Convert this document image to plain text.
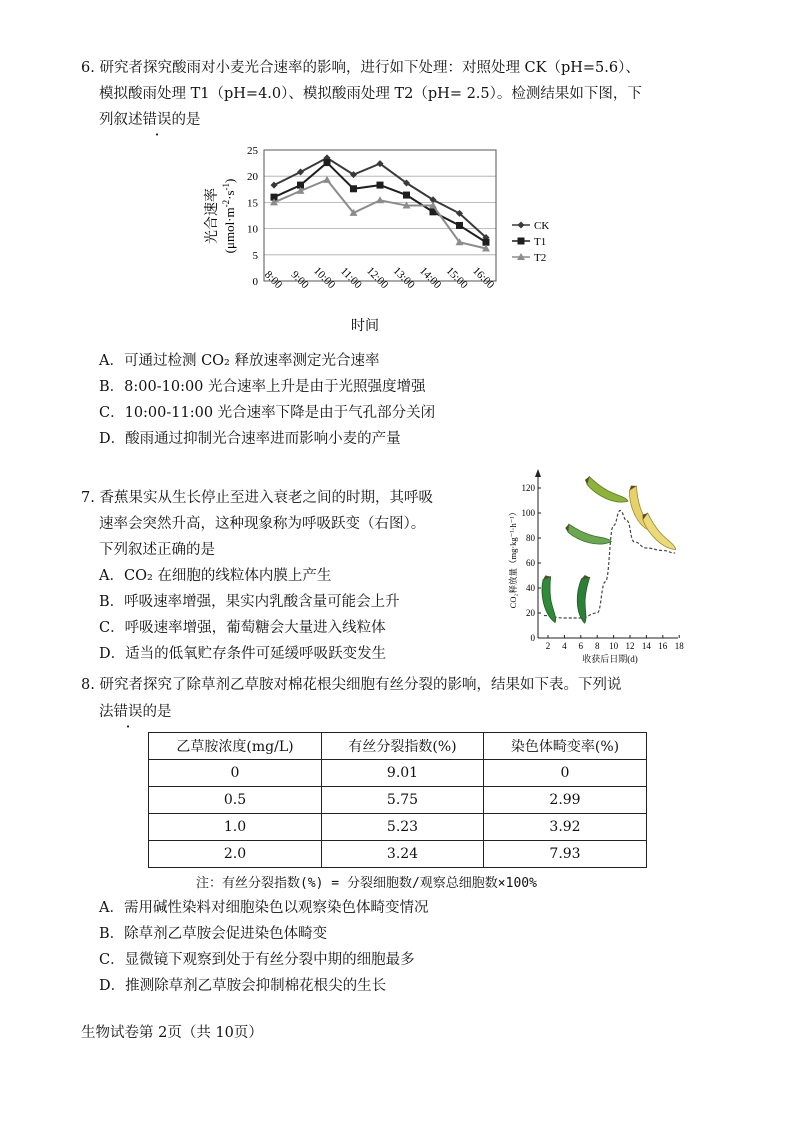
6. 研究者探究酸雨对小麦光合速率的影响，进行如下处理：对照处理 CK（pH=5.6）、
模拟酸雨处理 T1（pH=4.0）、模拟酸雨处理 T2（pH= 2.5）。检测结果如下图，下
列叙述错误的是
0
5
10
15
20
25
8:00 9:00 10:00 11:00 12:00 13:00 14:00 15:00 16:00
CK
T1
T2
时间
光合速率 $(\mu mol\cdot m^{-2}\cdot s^{-1})$
A．可通过检测 CO₂ 释放速率测定光合速率
B．8:00-10:00 光合速率上升是由于光照强度增强
C．10:00-11:00 光合速率下降是由于气孔部分关闭
D．酸雨通过抑制光合速率进而影响小麦的产量
7. 香蕉果实从生长停止至进入衰老之间的时期，其呼吸
速率会突然升高，这种现象称为呼吸跃变（右图）。
下列叙述正确的是
A．CO₂ 在细胞的线粒体内膜上产生
B．呼吸速率增强，果实内乳酸含量可能会上升
C．呼吸速率增强，葡萄糖会大量进入线粒体
D．适当的低氧贮存条件可延缓呼吸跃变发生
0
20
40
60
80
100
120
2 4 6 8 10 12 14 16 18
CO₂释放量（mg·kg⁻¹·h⁻¹）
收获后日期(d)
8. 研究者探究了除草剂乙草胺对棉花根尖细胞有丝分裂的影响，结果如下表。下列说
法错误的是
乙草胺浓度(mg/L)	有丝分裂指数(%)	染色体畸变率(%)
0	9.01	0
0.5	5.75	2.99
1.0	5.23	3.92
2.0	3.24	7.93
注：有丝分裂指数(%) = 分裂细胞数/观察总细胞数×100%
A．需用碱性染料对细胞染色以观察染色体畸变情况
B．除草剂乙草胺会促进染色体畸变
C．显微镜下观察到处于有丝分裂中期的细胞最多
D．推测除草剂乙草胺会抑制棉花根尖的生长
生物试卷第 2页（共 10页）
